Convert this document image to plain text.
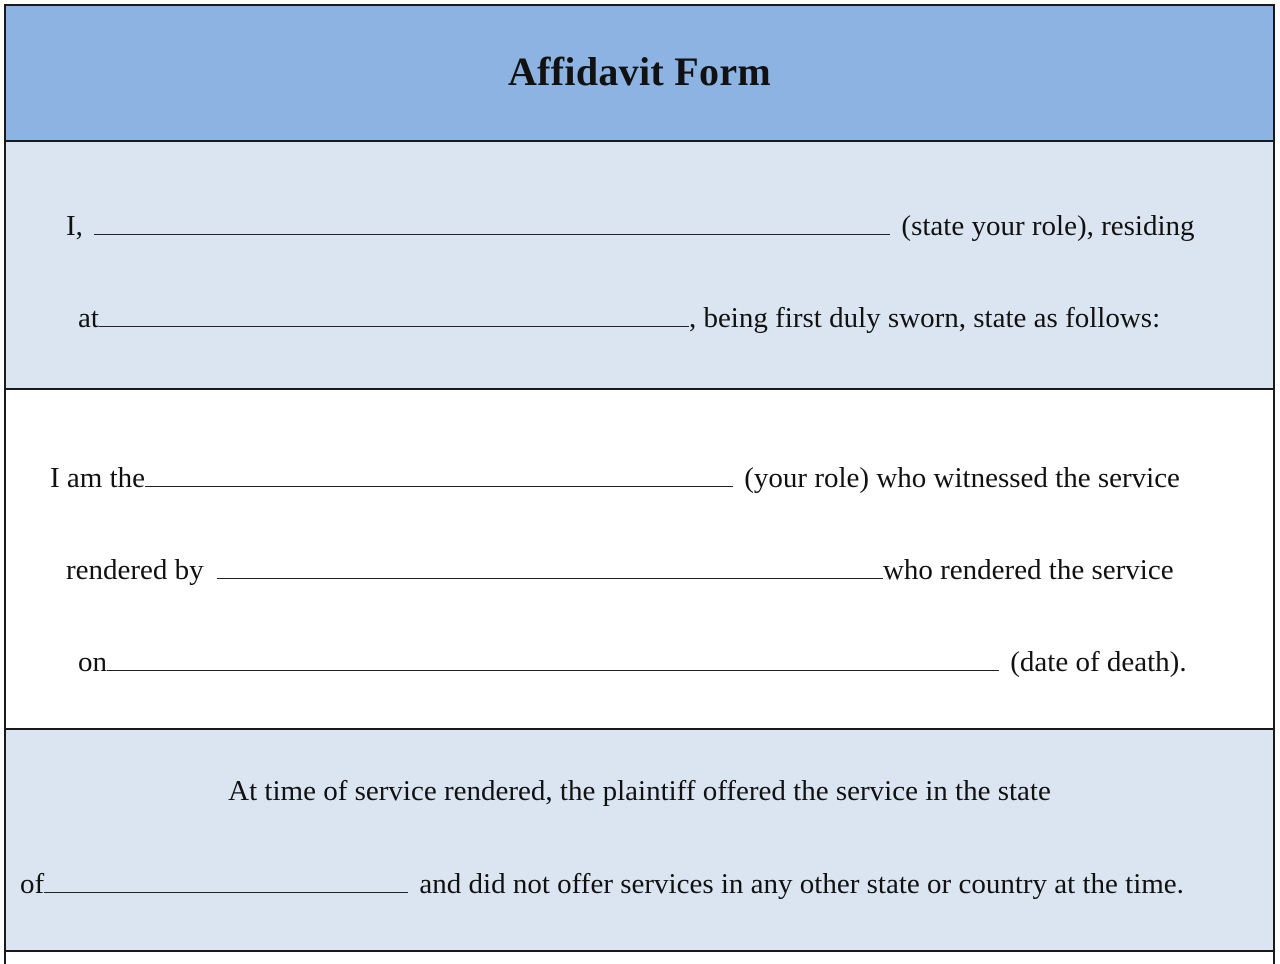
Affidavit Form
I,	(state your role), residing
at	, being first duly sworn, state as follows:
I am the	(your role) who witnessed the service
rendered by	who rendered the service
on	(date of death).
At time of service rendered, the plaintiff offered the service in the state
of	and did not offer services in any other state or country at the time.
